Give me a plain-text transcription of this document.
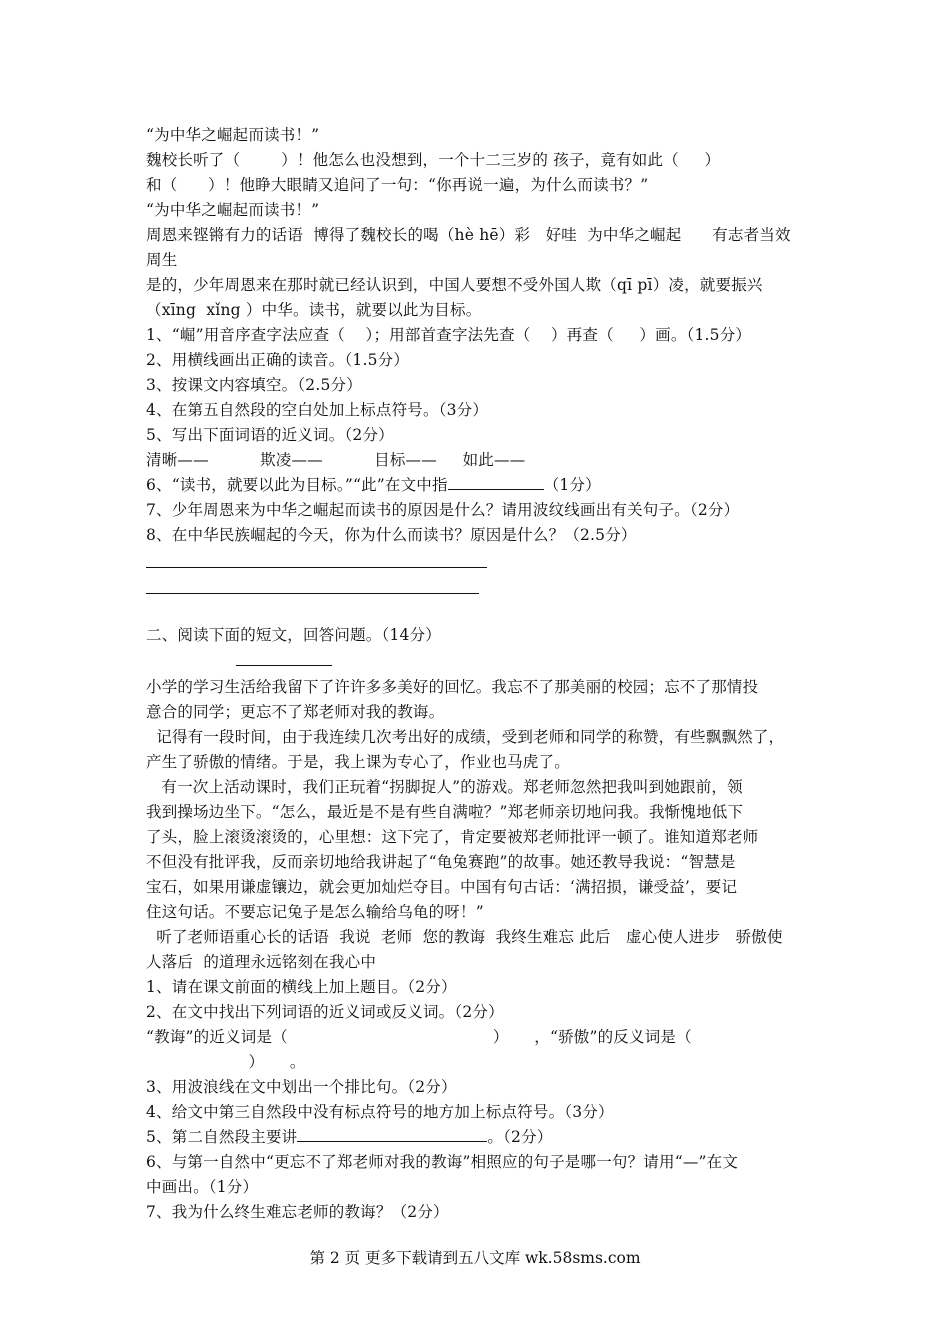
“为中华之崛起而读书！”
魏校长听了（        ）！他怎么也没想到，一个十二三岁的 孩子，竟有如此（     ）
和（      ）！他睁大眼睛又追问了一句：“你再说一遍，为什么而读书？”
“为中华之崛起而读书！”
周恩来铿锵有力的话语  博得了魏校长的喝（hè hē）彩   好哇  为中华之崛起      有志者当效
周生
是的，少年周恩来在那时就已经认识到，中国人要想不受外国人欺（qī pī）凌，就要振兴
（xīng  xǐng ）中华。读书，就要以此为目标。
1、“崛”用音序查字法应查（    ）；用部首查字法先查（    ）再查（     ）画。（1.5分）
2、用横线画出正确的读音。（1.5分）
3、按课文内容填空。（2.5分）
4、在第五自然段的空白处加上标点符号。（3分）
5、写出下面词语的近义词。（2分）
清晰——          欺凌——          目标——     如此——
6、“读书，就要以此为目标。”“此”在文中指	（1分）
7、少年周恩来为中华之崛起而读书的原因是什么？请用波纹线画出有关句子。（2分）
8、在中华民族崛起的今天，你为什么而读书？原因是什么？（2.5分）
二、阅读下面的短文，回答问题。（14分）
小学的学习生活给我留下了许许多多美好的回忆。我忘不了那美丽的校园；忘不了那情投
意合的同学；更忘不了郑老师对我的教诲。
记得有一段时间，由于我连续几次考出好的成绩，受到老师和同学的称赞，有些飘飘然了，
产生了骄傲的情绪。于是，我上课为专心了，作业也马虎了。
有一次上活动课时，我们正玩着“拐脚捉人”的游戏。郑老师忽然把我叫到她跟前，领
我到操场边坐下。“怎么，最近是不是有些自满啦？”郑老师亲切地问我。我惭愧地低下
了头，脸上滚烫滚烫的，心里想：这下完了，肯定要被郑老师批评一顿了。谁知道郑老师
不但没有批评我，反而亲切地给我讲起了“龟兔赛跑”的故事。她还教导我说：“智慧是
宝石，如果用谦虚镶边，就会更加灿烂夺目。中国有句古话：‘满招损，谦受益’，要记
住这句话。不要忘记兔子是怎么输给乌龟的呀！”
听了老师语重心长的话语  我说  老师  您的教诲  我终生难忘 此后   虚心使人进步   骄傲使
人落后  的道理永远铭刻在我心中
1、请在课文前面的横线上加上题目。（2分）
2、在文中找出下列词语的近义词或反义词。（2分）
“教诲”的近义词是（                                        ）     ，“骄傲”的反义词是（
）     。
3、用波浪线在文中划出一个排比句。（2分）
4、给文中第三自然段中没有标点符号的地方加上标点符号。（3分）
5、第二自然段主要讲	。（2分）
6、与第一自然中“更忘不了郑老师对我的教诲”相照应的句子是哪一句？请用“—”在文
中画出。（1分）
7、我为什么终生难忘老师的教诲？（2分）
第 2 页 更多下载请到五八文库 wk.58sms.com
